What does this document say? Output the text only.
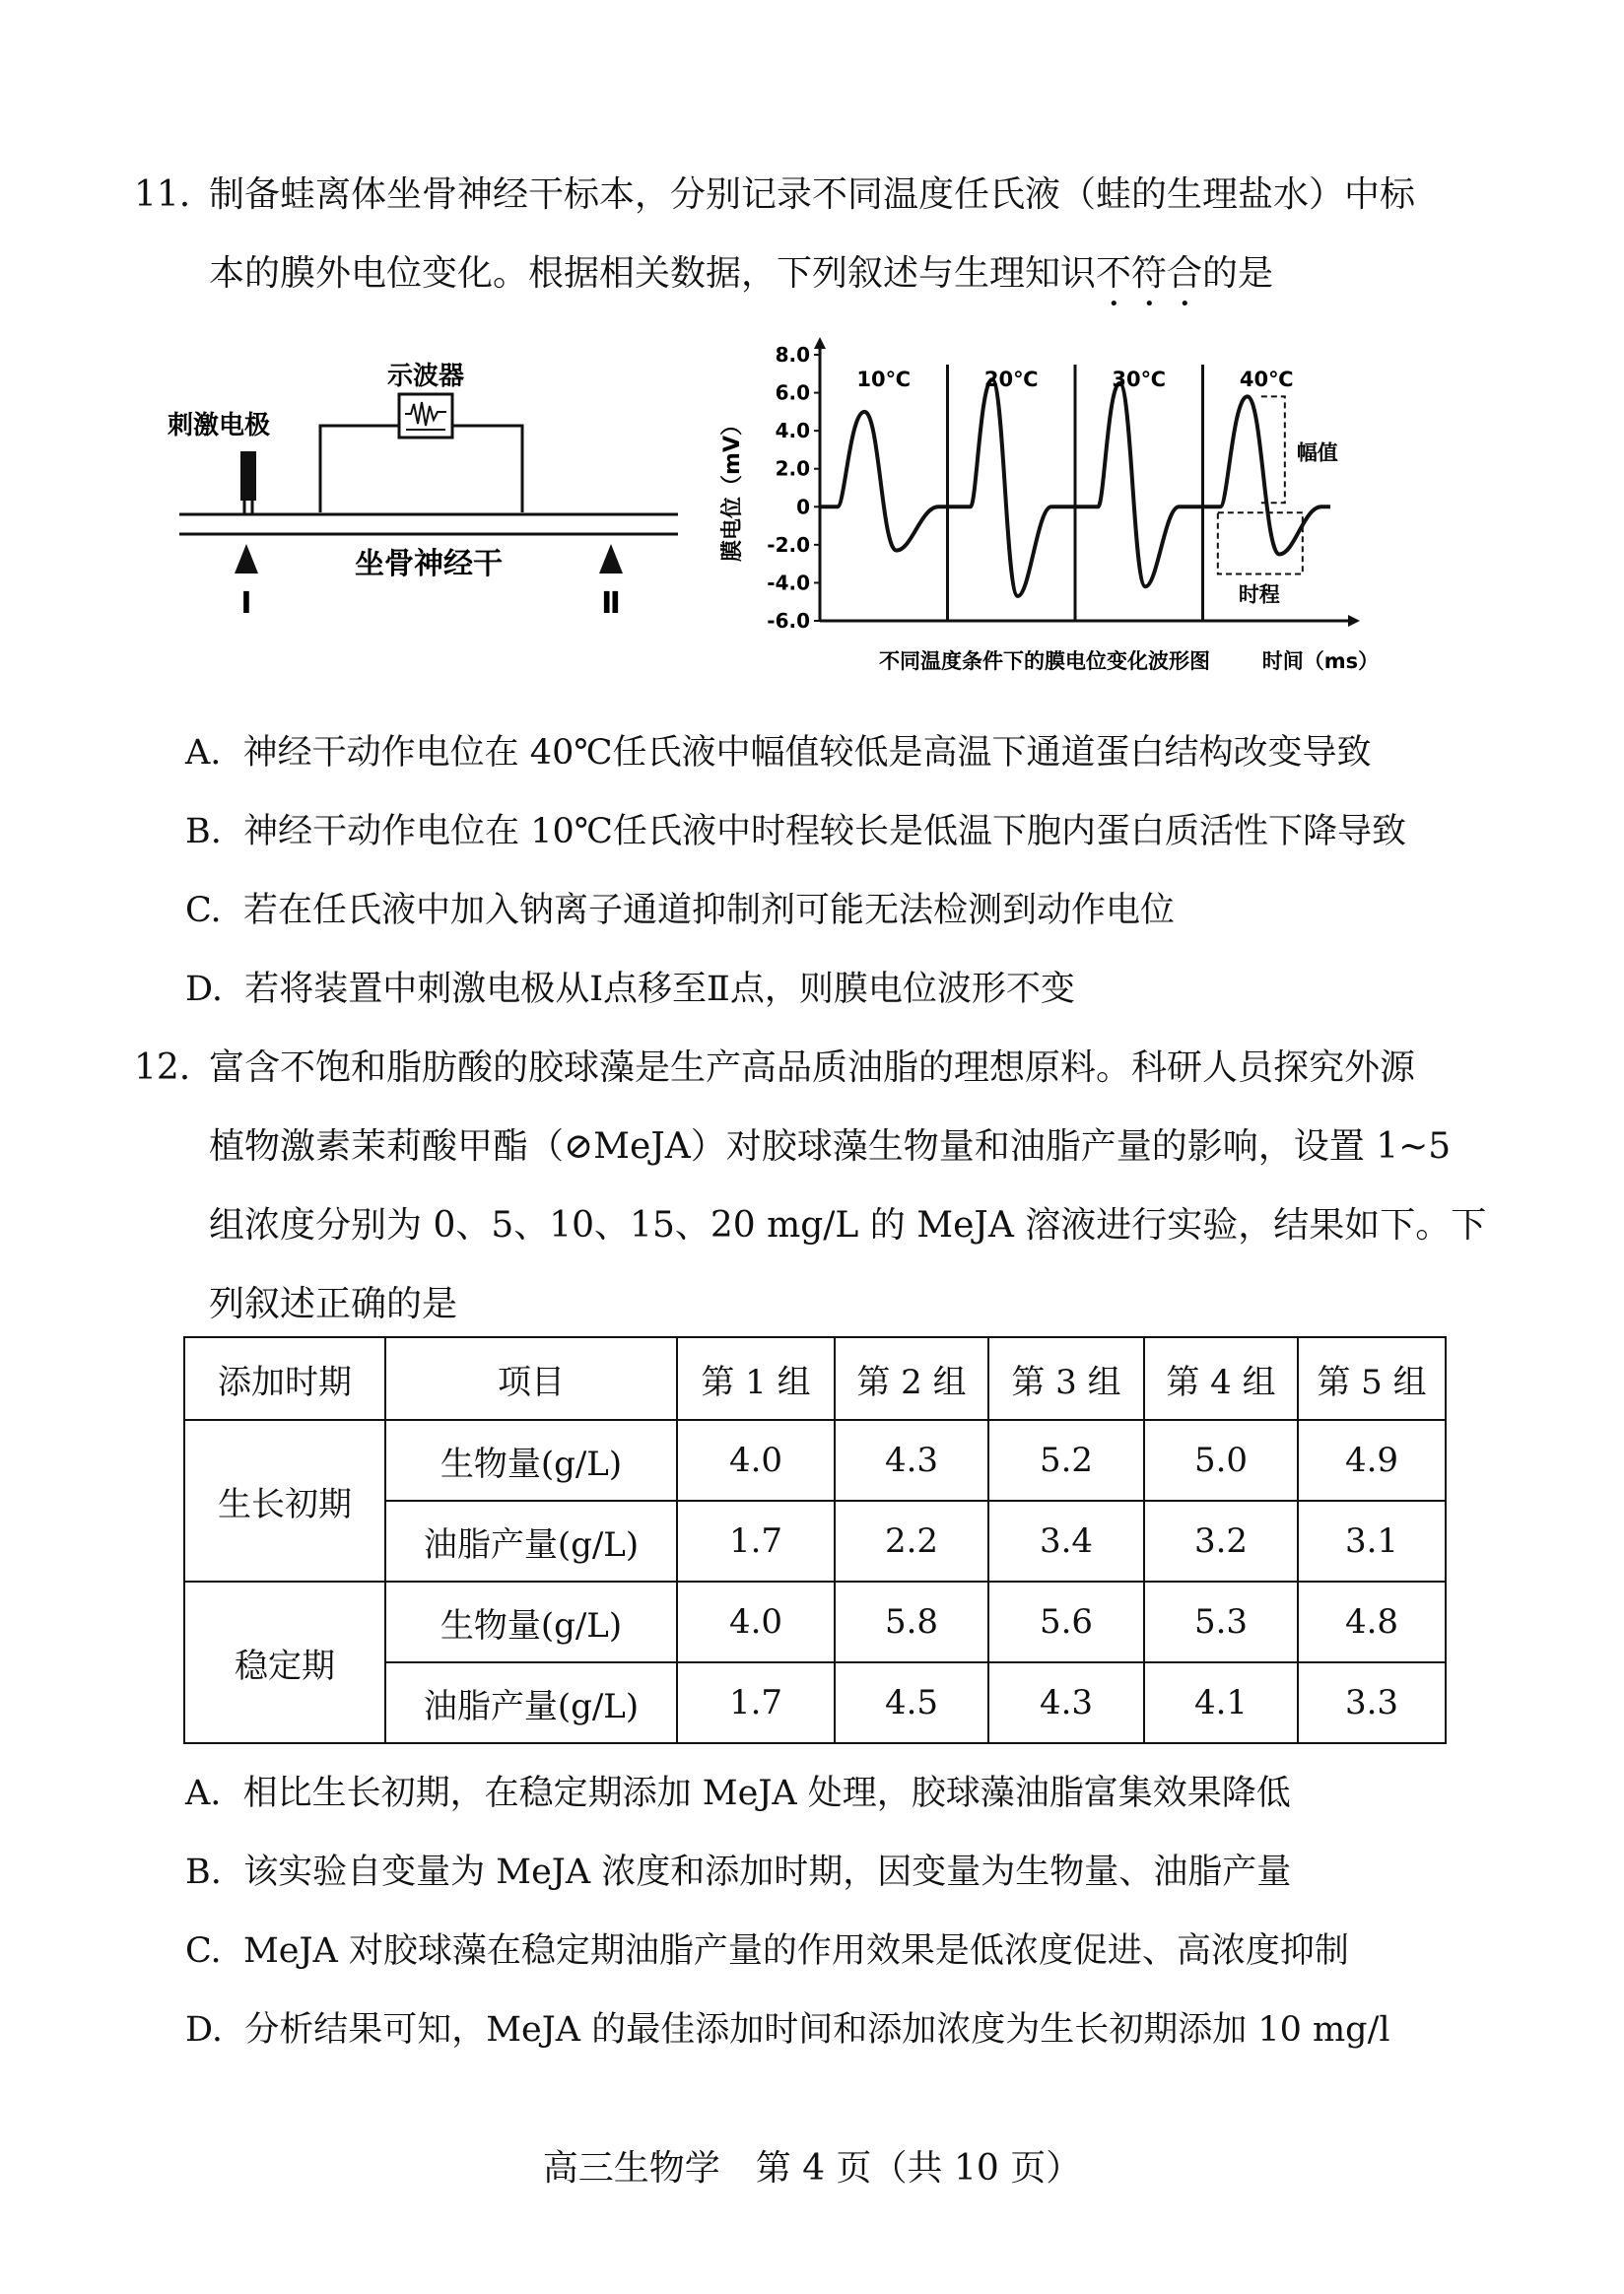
11. 制备蛙离体坐骨神经干标本，分别记录不同温度任氏液（蛙的生理盐水）中标
本的膜外电位变化。根据相关数据，下列叙述与生理知识不符合的是
示波器
刺激电极
坐骨神经干
Ⅰ	Ⅱ
8.0
6.0
4.0
2.0
0
-2.0
-4.0
-6.0
膜电位（mV）
不同温度条件下的膜电位变化波形图	时间（ms）
10℃	20℃	30℃	40℃
幅值
时程
A. 神经干动作电位在 40℃任氏液中幅值较低是高温下通道蛋白结构改变导致
B. 神经干动作电位在 10℃任氏液中时程较长是低温下胞内蛋白质活性下降导致
C. 若在任氏液中加入钠离子通道抑制剂可能无法检测到动作电位
D. 若将装置中刺激电极从Ⅰ点移至Ⅱ点，则膜电位波形不变
12. 富含不饱和脂肪酸的胶球藻是生产高品质油脂的理想原料。科研人员探究外源
植物激素茉莉酸甲酯（⊘MeJA）对胶球藻生物量和油脂产量的影响，设置 1~5
组浓度分别为 0、5、10、15、20 mg/L 的 MeJA 溶液进行实验，结果如下。下
列叙述正确的是
添加时期	项目	第 1 组	第 2 组	第 3 组	第 4 组	第 5 组
生长初期	生物量(g/L)	4.0	4.3	5.2	5.0	4.9
	油脂产量(g/L)	1.7	2.2	3.4	3.2	3.1
稳定期	生物量(g/L)	4.0	5.8	5.6	5.3	4.8
	油脂产量(g/L)	1.7	4.5	4.3	4.1	3.3
A. 相比生长初期，在稳定期添加 MeJA 处理，胶球藻油脂富集效果降低
B. 该实验自变量为 MeJA 浓度和添加时期，因变量为生物量、油脂产量
C. MeJA 对胶球藻在稳定期油脂产量的作用效果是低浓度促进、高浓度抑制
D. 分析结果可知，MeJA 的最佳添加时间和添加浓度为生长初期添加 10 mg/l
高三生物学　第 4 页（共 10 页）
